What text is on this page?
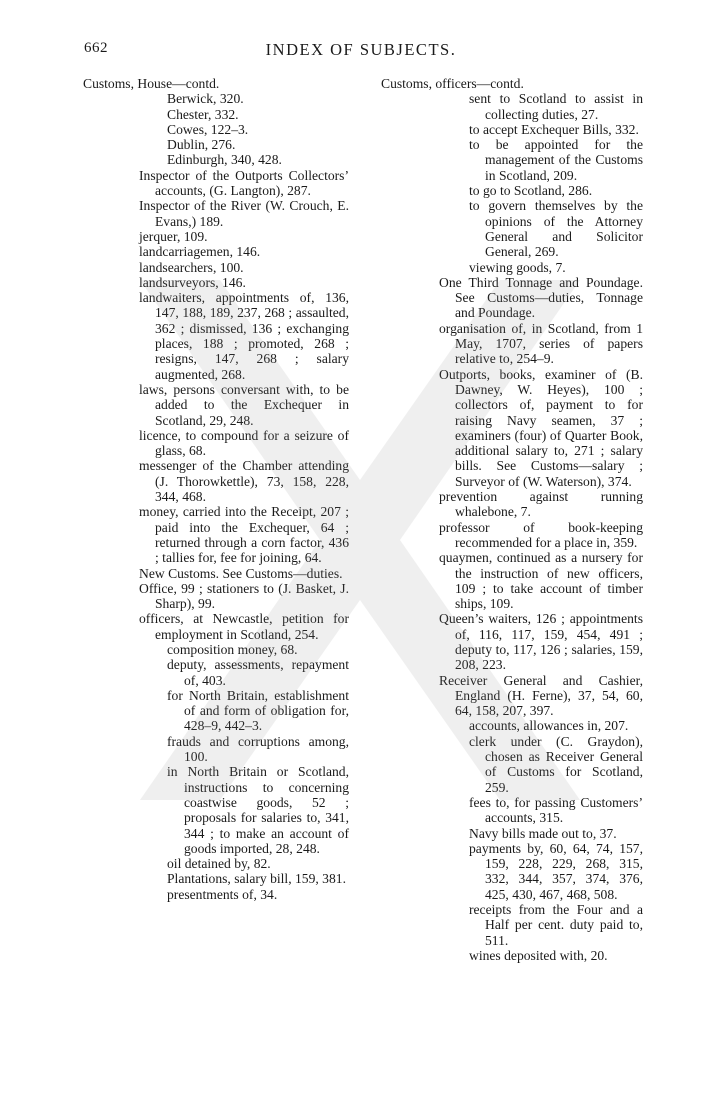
662	INDEX OF SUBJECTS.

Customs, House—contd.

Berwick, 320.

Chester, 332.

Cowes, 122–3.

Dublin, 276.

Edinburgh, 340, 428.

Inspector of the Outports Collectors’ accounts, (G. Langton), 287.

Inspector of the River (W. Crouch, E. Evans,) 189.

jerquer, 109.

landcarriagemen, 146.

landsearchers, 100.

landsurveyors, 146.

landwaiters, appointments of, 136, 147, 188, 189, 237, 268 ; assaulted, 362 ; dismissed, 136 ; exchanging places, 188 ; promoted, 268 ; resigns, 147, 268 ; salary augmented, 268.

laws, persons conversant with, to be added to the Exchequer in Scotland, 29, 248.

licence, to compound for a seizure of glass, 68.

messenger of the Chamber attending (J. Thorowkettle), 73, 158, 228, 344, 468.

money, carried into the Receipt, 207 ; paid into the Exchequer, 64 ; returned through a corn factor, 436 ; tallies for, fee for joining, 64.

New Customs. See Customs—duties.

Office, 99 ; stationers to (J. Basket, J. Sharp), 99.

officers, at Newcastle, petition for employment in Scotland, 254.

composition money, 68.

deputy, assessments, repayment of, 403.

for North Britain, establishment of and form of obligation for, 428–9, 442–3.

frauds and corruptions among, 100.

in North Britain or Scotland, instructions to concerning coastwise goods, 52 ; proposals for salaries to, 341, 344 ; to make an account of goods imported, 28, 248.

oil detained by, 82.

Plantations, salary bill, 159, 381.

presentments of, 34.

Customs, officers—contd.

sent to Scotland to assist in collecting duties, 27.

to accept Exchequer Bills, 332.

to be appointed for the management of the Customs in Scotland, 209.

to go to Scotland, 286.

to govern themselves by the opinions of the Attorney General and Solicitor General, 269.

viewing goods, 7.

One Third Tonnage and Poundage. See Customs—duties, Tonnage and Poundage.

organisation of, in Scotland, from 1 May, 1707, series of papers relative to, 254–9.

Outports, books, examiner of (B. Dawney, W. Heyes), 100 ; collectors of, payment to for raising Navy seamen, 37 ; examiners (four) of Quarter Book, additional salary to, 271 ; salary bills. See Customs—salary ; Surveyor of (W. Waterson), 374.

prevention against running whalebone, 7.

professor of book-keeping recommended for a place in, 359.

quaymen, continued as a nursery for the instruction of new officers, 109 ; to take account of timber ships, 109.

Queen’s waiters, 126 ; appointments of, 116, 117, 159, 454, 491 ; deputy to, 117, 126 ; salaries, 159, 208, 223.

Receiver General and Cashier, England (H. Ferne), 37, 54, 60, 64, 158, 207, 397.

accounts, allowances in, 207.

clerk under (C. Graydon), chosen as Receiver General of Customs for Scotland, 259.

fees to, for passing Customers’ accounts, 315.

Navy bills made out to, 37.

payments by, 60, 64, 74, 157, 159, 228, 229, 268, 315, 332, 344, 357, 374, 376, 425, 430, 467, 468, 508.

receipts from the Four and a Half per cent. duty paid to, 511.

wines deposited with, 20.
